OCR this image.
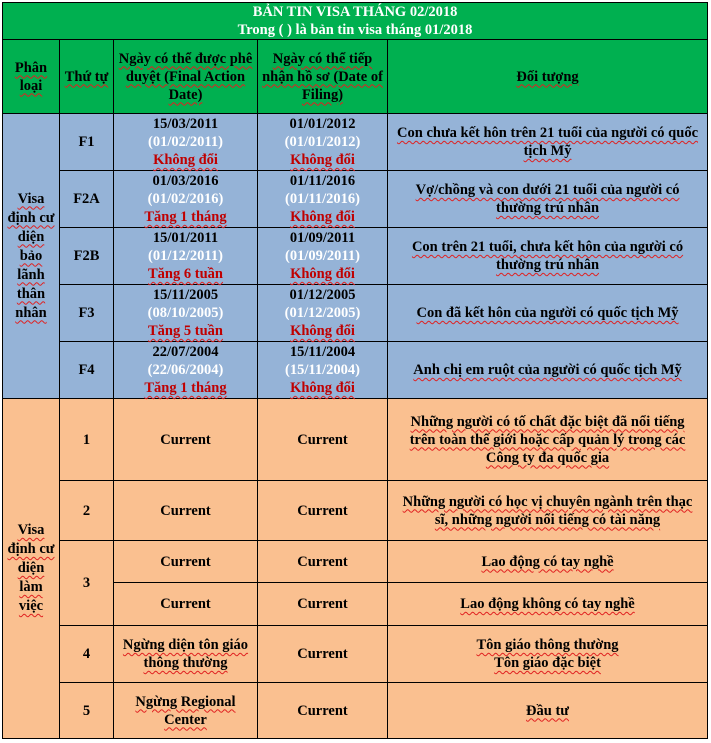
BẢN TIN VISA THÁNG 02/2018
Trong ( ) là bản tin visa tháng 01/2018				

Phân loại	Thứ tự	Ngày có thể được phê duyệt (Final Action Date)	Ngày có thể tiếp nhận hồ sơ (Date of Filing)	Đối tượng
Visa định cư diện bảo lãnh thân nhân	F1	15/03/2011
(01/02/2011)
Không đổi	01/01/2012
(01/01/2012)
Không đổi	Con chưa kết hôn trên 21 tuổi của người có quốc tịch Mỹ
	F2A	01/03/2016
(01/02/2016)
Tăng 1 tháng	01/11/2016
(01/11/2016)
Không đổi	Vợ/chồng và con dưới 21 tuổi của người có thường trú nhân
	F2B	15/01/2011
(01/12/2011)
Tăng 6 tuần	01/09/2011
(01/09/2011)
Không đổi	Con trên 21 tuổi, chưa kết hôn của người có thường trú nhân
	F3	15/11/2005
(08/10/2005)
Tăng 5 tuần	01/12/2005
(01/12/2005)
Không đổi	Con đã kết hôn của người có quốc tịch Mỹ
	F4	22/07/2004
(22/06/2004)
Tăng 1 tháng	15/11/2004
(15/11/2004)
Không đổi	Anh chị em ruột của người có quốc tịch Mỹ
Visa định cư diện làm việc	1	Current	Current	Những người có tố chất đặc biệt đã nổi tiếng trên toàn thế giới hoặc cấp quản lý trong các Công ty đa quốc gia
	2	Current	Current	Những người có học vị chuyên ngành trên thạc sĩ, những người nổi tiếng có tài năng
	3	Current	Current	Lao động có tay nghề
		Current	Current	Lao động không có tay nghề
	4	Ngừng diện tôn giáo thông thường	Current	Tôn giáo thông thường
Tôn giáo đặc biệt

	5	Ngừng Regional Center	Current	Đầu tư
